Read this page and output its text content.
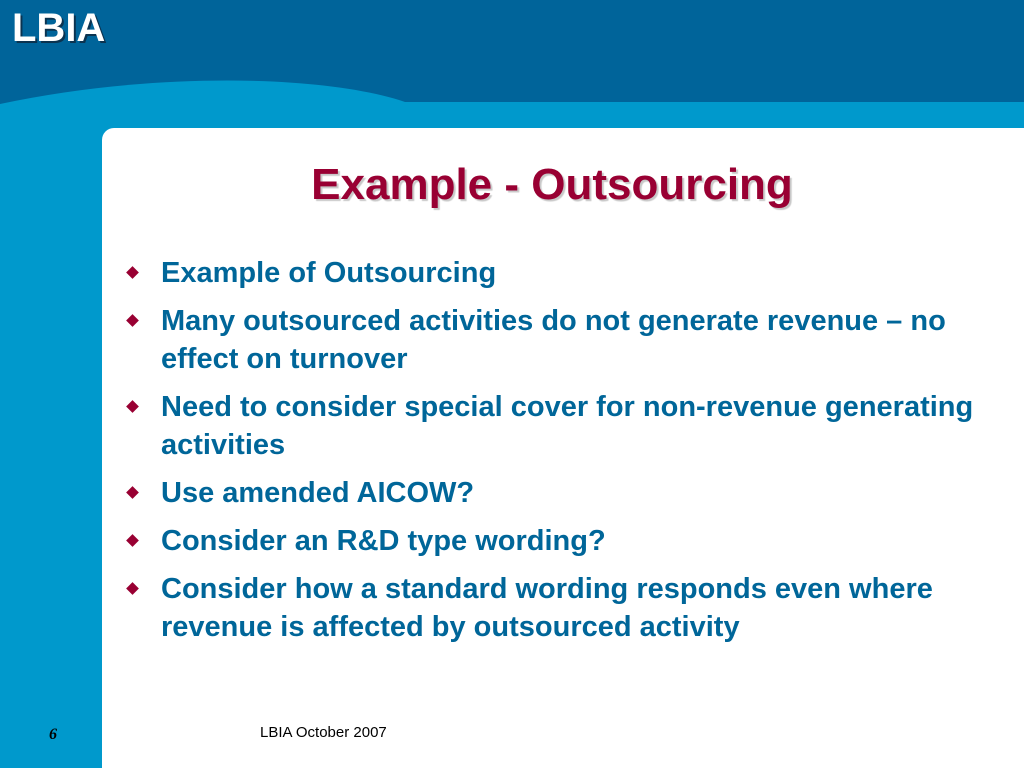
LBIA
Example - Outsourcing
Example of Outsourcing
Many outsourced activities do not generate revenue – no effect on turnover
Need to consider special cover for non-revenue generating activities
Use amended AICOW?
Consider an R&D type wording?
Consider how a standard wording responds even where revenue is affected by outsourced activity
6	LBIA October 2007
